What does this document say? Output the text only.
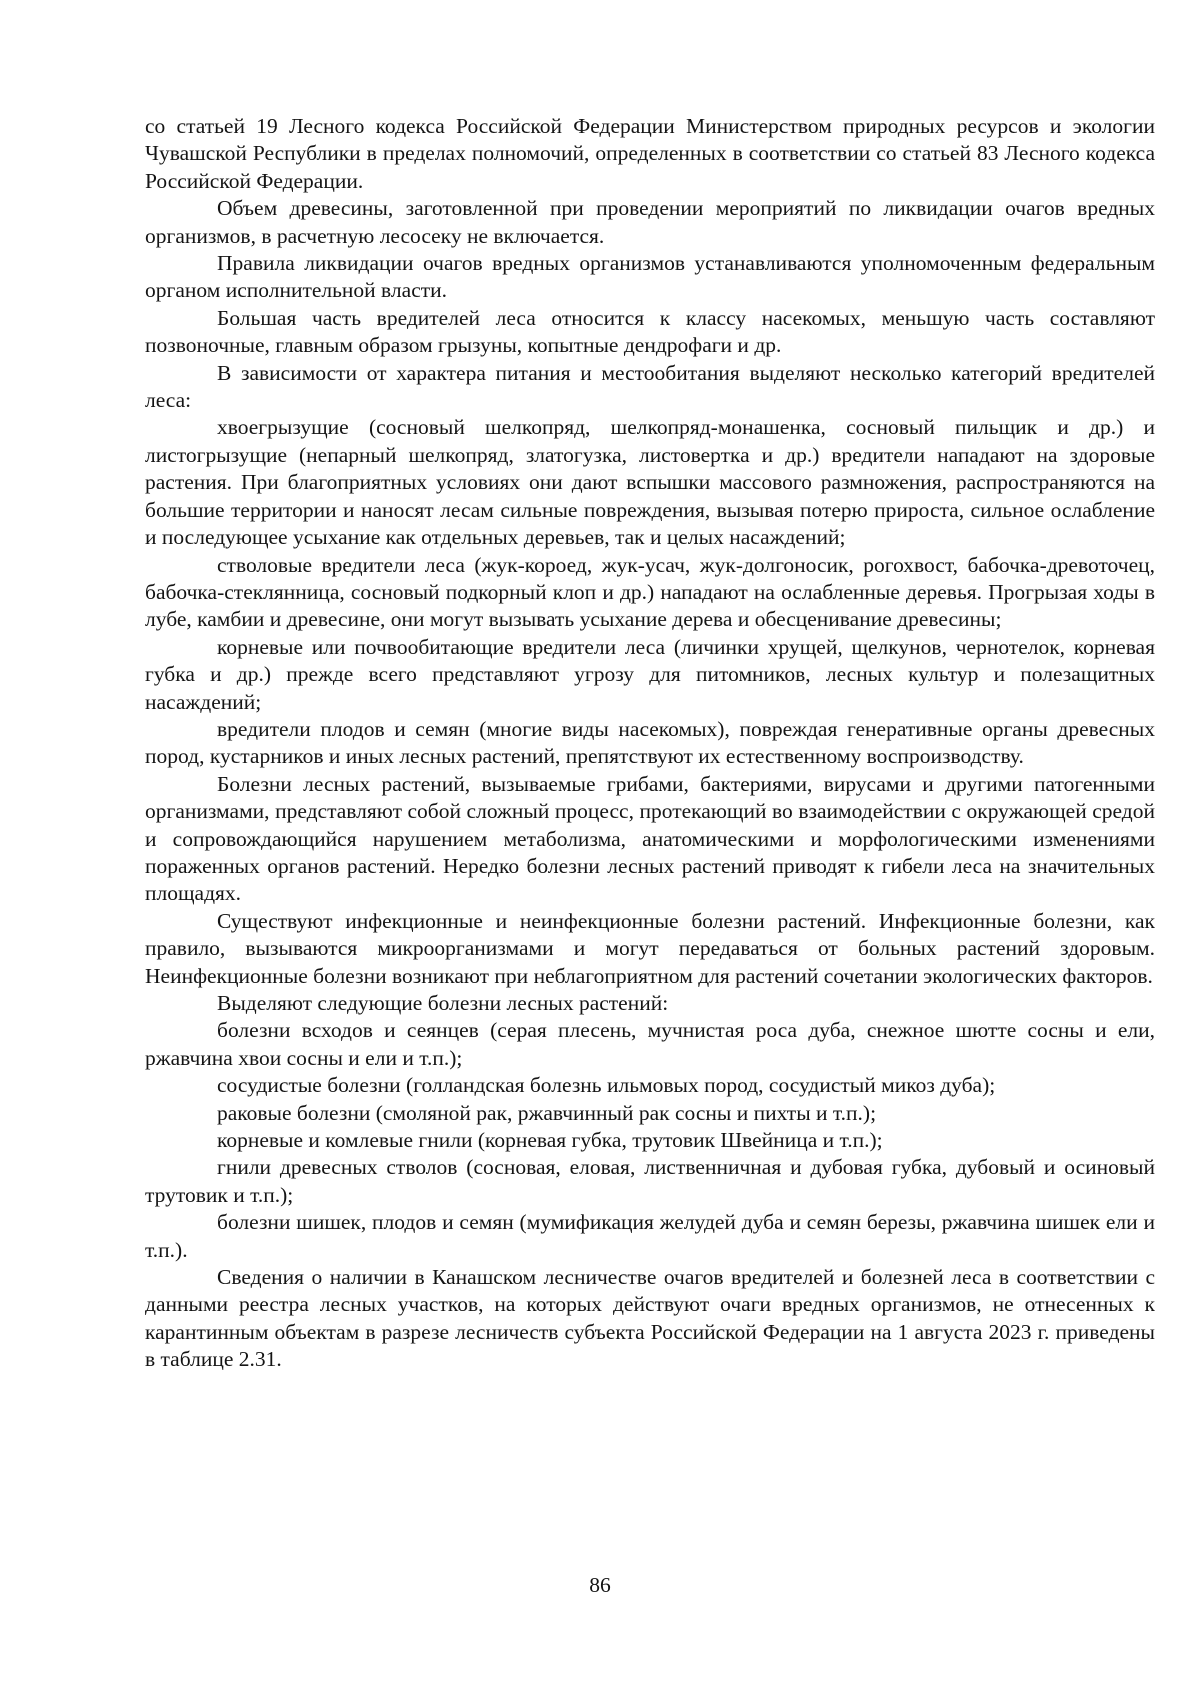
со статьей 19 Лесного кодекса Российской Федерации Министерством природных ресурсов и экологии Чувашской Республики в пределах полномочий, определенных в соответствии со статьей 83 Лесного кодекса Российской Федерации.

Объем древесины, заготовленной при проведении мероприятий по ликвидации очагов вредных организмов, в расчетную лесосеку не включается.

Правила ликвидации очагов вредных организмов устанавливаются уполномоченным федеральным органом исполнительной власти.

Большая часть вредителей леса относится к классу насекомых, меньшую часть составляют позвоночные, главным образом грызуны, копытные дендрофаги и др.

В зависимости от характера питания и местообитания выделяют несколько категорий вредителей леса:

хвоегрызущие (сосновый шелкопряд, шелкопряд-монашенка, сосновый пильщик и др.) и листогрызущие (непарный шелкопряд, златогузка, листовертка и др.) вредители нападают на здоровые растения. При благоприятных условиях они дают вспышки массового размножения, распространяются на большие территории и наносят лесам сильные повреждения, вызывая потерю прироста, сильное ослабление и последующее усыхание как отдельных деревьев, так и целых насаждений;

стволовые вредители леса (жук-короед, жук-усач, жук-долгоносик, рогохвост, бабочка-древоточец, бабочка-стеклянница, сосновый подкорный клоп и др.) нападают на ослабленные деревья. Прогрызая ходы в лубе, камбии и древесине, они могут вызывать усыхание дерева и обесценивание древесины;

корневые или почвообитающие вредители леса (личинки хрущей, щелкунов, чернотелок, корневая губка и др.) прежде всего представляют угрозу для питомников, лесных культур и полезащитных насаждений;

вредители плодов и семян (многие виды насекомых), повреждая генеративные органы древесных пород, кустарников и иных лесных растений, препятствуют их естественному воспроизводству.

Болезни лесных растений, вызываемые грибами, бактериями, вирусами и другими патогенными организмами, представляют собой сложный процесс, протекающий во взаимодействии с окружающей средой и сопровождающийся нарушением метаболизма, анатомическими и морфологическими изменениями пораженных органов растений. Нередко болезни лесных растений приводят к гибели леса на значительных площадях.

Существуют инфекционные и неинфекционные болезни растений. Инфекционные болезни, как правило, вызываются микроорганизмами и могут передаваться от больных растений здоровым. Неинфекционные болезни возникают при неблагоприятном для растений сочетании экологических факторов.

Выделяют следующие болезни лесных растений:

болезни всходов и сеянцев (серая плесень, мучнистая роса дуба, снежное шютте сосны и ели, ржавчина хвои сосны и ели и т.п.);

сосудистые болезни (голландская болезнь ильмовых пород, сосудистый микоз дуба);

раковые болезни (смоляной рак, ржавчинный рак сосны и пихты и т.п.);

корневые и комлевые гнили (корневая губка, трутовик Швейница и т.п.);

гнили древесных стволов (сосновая, еловая, лиственничная и дубовая губка, дубовый и осиновый трутовик и т.п.);

болезни шишек, плодов и семян (мумификация желудей дуба и семян березы, ржавчина шишек ели и т.п.).

Сведения о наличии в Канашском лесничестве очагов вредителей и болезней леса в соответствии с данными реестра лесных участков, на которых действуют очаги вредных организмов, не отнесенных к карантинным объектам в разрезе лесничеств субъекта Российской Федерации на 1 августа 2023 г. приведены в таблице 2.31.

86
